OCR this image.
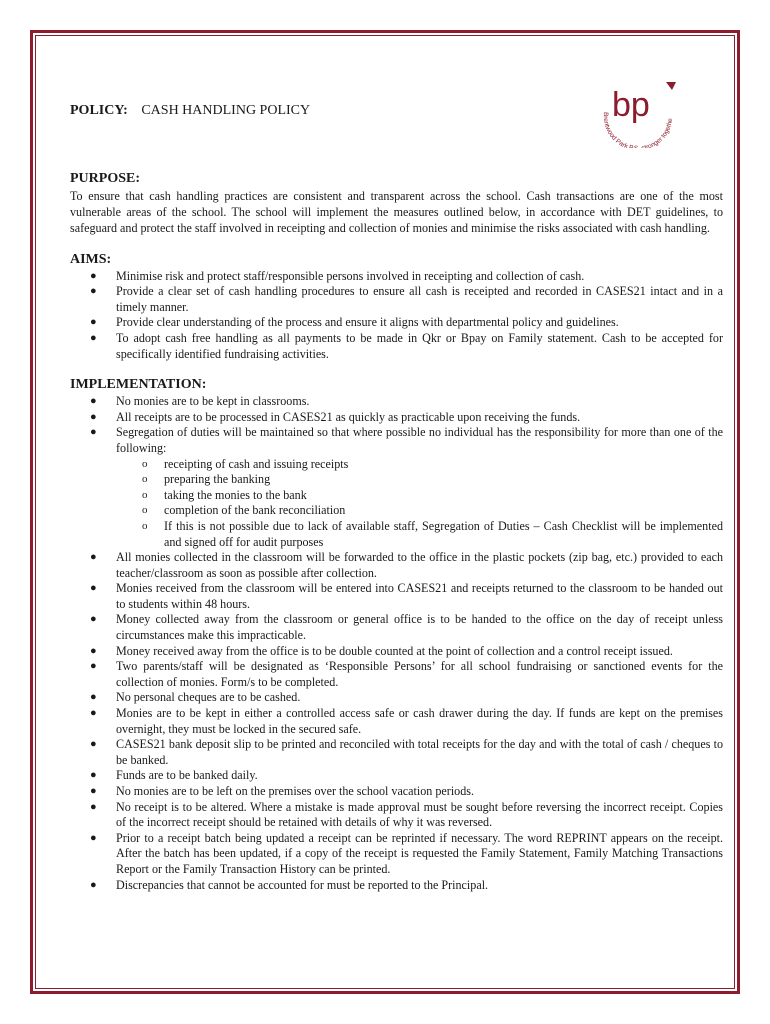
bp
Brentwood Park P tronger togethe

POLICY: CASH HANDLING POLICY

PURPOSE:

To ensure that cash handling practices are consistent and transparent across the school. Cash transactions are one of the most vulnerable areas of the school. The school will implement the measures outlined below, in accordance with DET guidelines, to safeguard and protect the staff involved in receipting and collection of monies and minimise the risks associated with cash handling.

AIMS:
● Minimise risk and protect staff/responsible persons involved in receipting and collection of cash.
● Provide a clear set of cash handling procedures to ensure all cash is receipted and recorded in CASES21 intact and in a timely manner.
● Provide clear understanding of the process and ensure it aligns with departmental policy and guidelines.
● To adopt cash free handling as all payments to be made in Qkr or Bpay on Family statement. Cash to be accepted for specifically identified fundraising activities.
IMPLEMENTATION:
● No monies are to be kept in classrooms.
● All receipts are to be processed in CASES21 as quickly as practicable upon receiving the funds.
● Segregation of duties will be maintained so that where possible no individual has the responsibility for more than one of the following:
o receipting of cash and issuing receipts
o preparing the banking
o taking the monies to the bank
o completion of the bank reconciliation
o If this is not possible due to lack of available staff, Segregation of Duties – Cash Checklist will be implemented and signed off for audit purposes
● All monies collected in the classroom will be forwarded to the office in the plastic pockets (zip bag, etc.) provided to each teacher/classroom as soon as possible after collection.
● Monies received from the classroom will be entered into CASES21 and receipts returned to the classroom to be handed out to students within 48 hours.
● Money collected away from the classroom or general office is to be handed to the office on the day of receipt unless circumstances make this impracticable.
● Money received away from the office is to be double counted at the point of collection and a control receipt issued.
● Two parents/staff will be designated as ‘Responsible Persons’ for all school fundraising or sanctioned events for the collection of monies. Form/s to be completed.
● No personal cheques are to be cashed.
● Monies are to be kept in either a controlled access safe or cash drawer during the day. If funds are kept on the premises overnight, they must be locked in the secured safe.
● CASES21 bank deposit slip to be printed and reconciled with total receipts for the day and with the total of cash / cheques to be banked.
● Funds are to be banked daily.
● No monies are to be left on the premises over the school vacation periods.
● No receipt is to be altered. Where a mistake is made approval must be sought before reversing the incorrect receipt. Copies of the incorrect receipt should be retained with details of why it was reversed.
● Prior to a receipt batch being updated a receipt can be reprinted if necessary. The word REPRINT appears on the receipt. After the batch has been updated, if a copy of the receipt is requested the Family Statement, Family Matching Transactions Report or the Family Transaction History can be printed.
● Discrepancies that cannot be accounted for must be reported to the Principal.
